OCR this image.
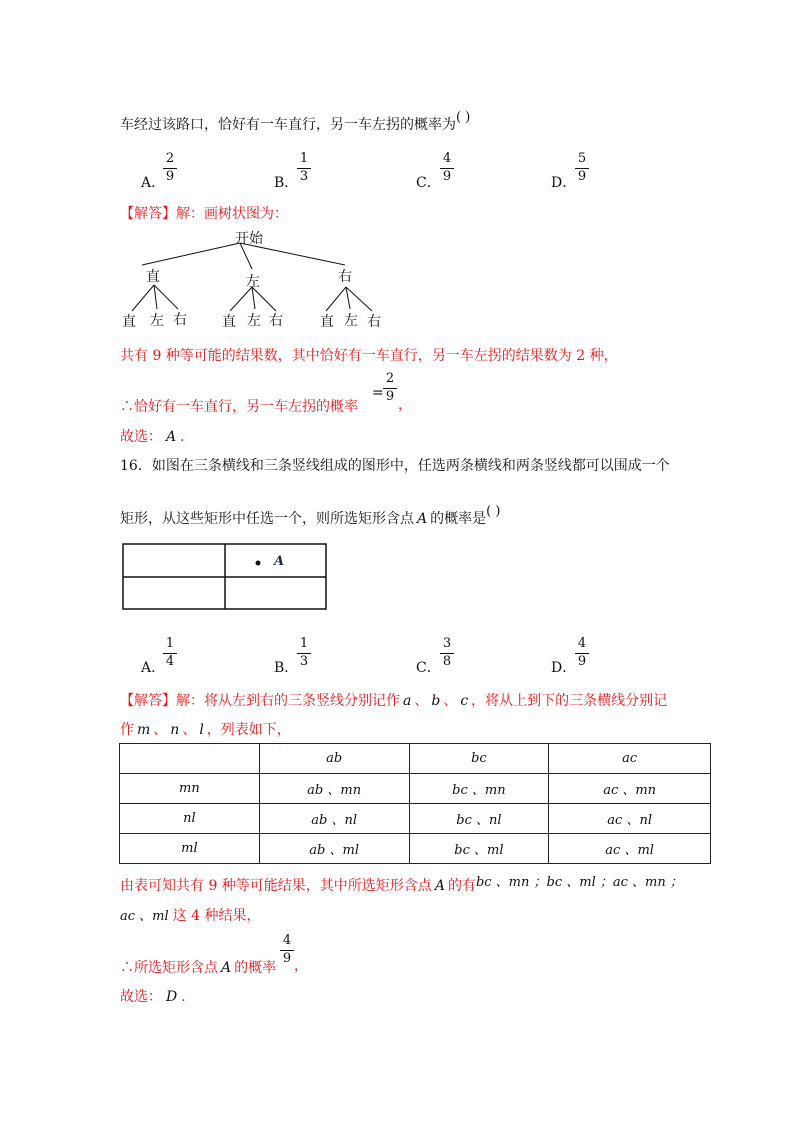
车经过该路口，恰好有一车直行，另一车左拐的概率为( )
A．
2
9	B．
1
3	C．
4
9	D．
5
9
【解答】解：画树状图为：
开始
直	左	右
直 左 右	直 左 右	直 左 右
共有 9 种等可能的结果数，其中恰好有一车直行，另一车左拐的结果数为 2 种，
∴恰好有一车直行，另一车左拐的概率
=
2
9
，
故选： A ．
16．如图在三条横线和三条竖线组成的图形中，任选两条横线和两条竖线都可以围成一个
矩形，从这些矩形中任选一个，则所选矩形含点 A 的概率是( )
A
A．
1
4	B．
1
3	C．
3
8	D．
4
9
【解答】解：将从左到右的三条竖线分别记作 a 、 b 、 c ，将从上到下的三条横线分别记
作 m 、 n 、 l ，列表如下，
	ab	bc	ac
mn	ab 、mn	bc 、mn	ac 、mn
nl	ab 、nl	bc 、nl	ac 、nl
ml	ab 、ml	bc 、ml	ac 、ml
由表可知共有 9 种等可能结果，其中所选矩形含点 A 的有bc 、mn ；bc 、ml ；ac 、mn ；
ac 、ml 这 4 种结果，
∴所选矩形含点 A 的概率
4
9 ，
故选： D ．
